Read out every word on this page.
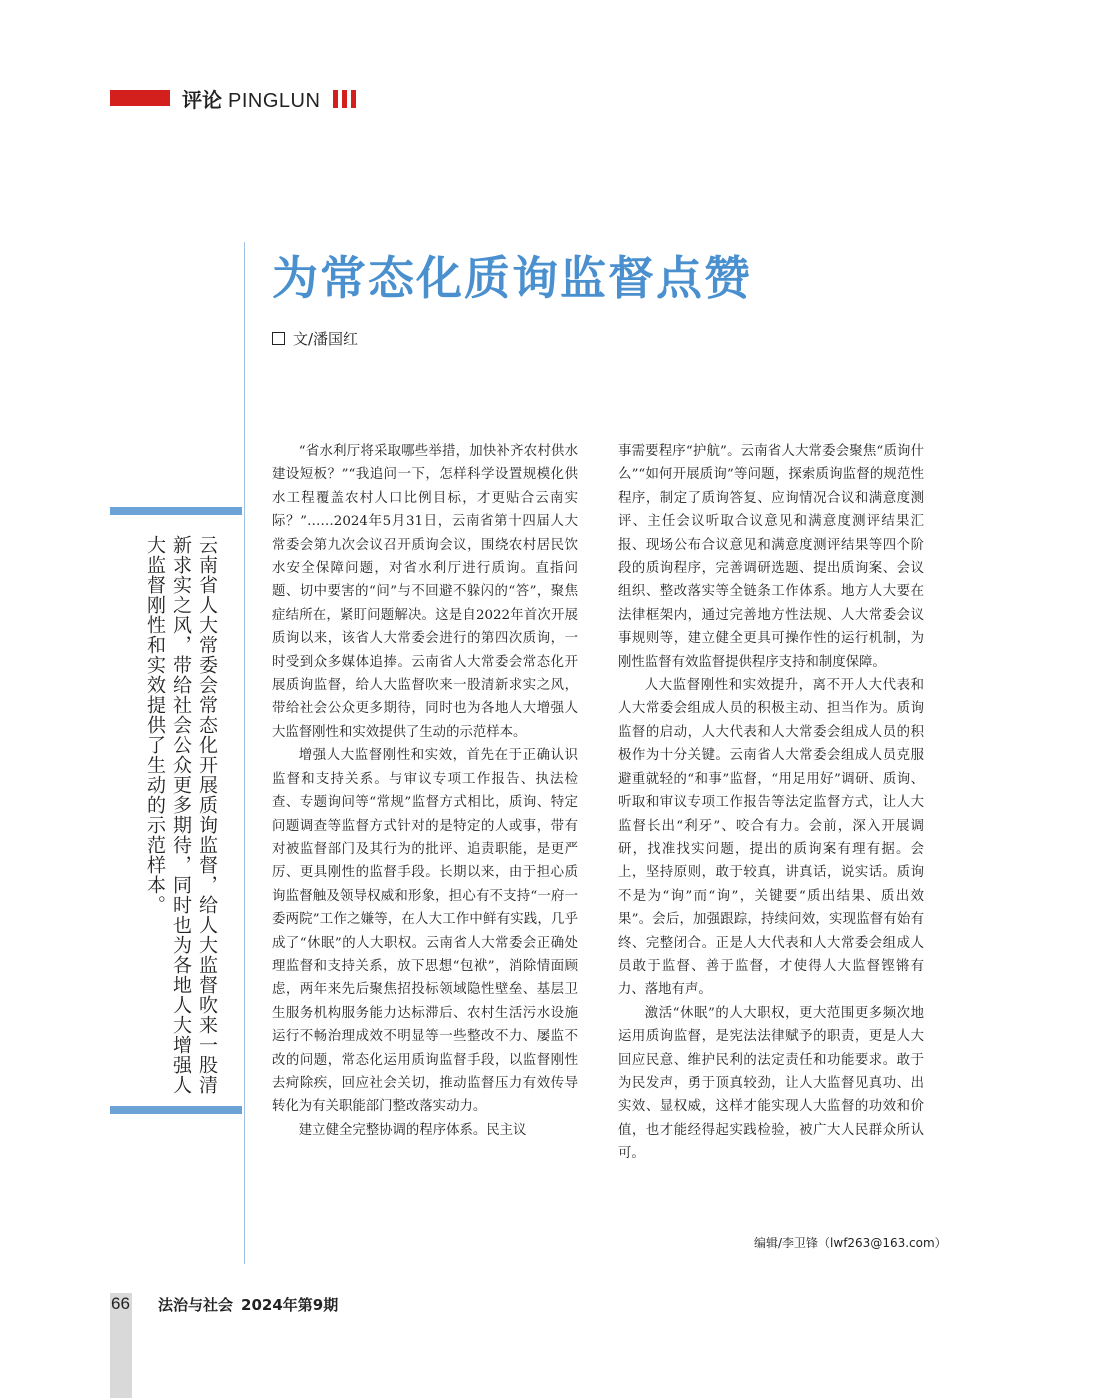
评论 PINGLUN
为常态化质询监督点赞
文/潘国红
云南省人大常委会常态化开展质询监督，给人大监督吹来一股清新求实之风，带给社会公众更多期待，同时也为各地人大增强人大监督刚性和实效提供了生动的示范样本。

“省水利厅将采取哪些举措，加快补齐农村供水建设短板？”“我追问一下，怎样科学设置规模化供水工程覆盖农村人口比例目标，才更贴合云南实际？”……2024年5月31日，云南省第十四届人大常委会第九次会议召开质询会议，围绕农村居民饮水安全保障问题，对省水利厅进行质询。直指问题、切中要害的“问”与不回避不躲闪的“答”，聚焦症结所在，紧盯问题解决。这是自2022年首次开展质询以来，该省人大常委会进行的第四次质询，一时受到众多媒体追捧。云南省人大常委会常态化开展质询监督，给人大监督吹来一股清新求实之风，带给社会公众更多期待，同时也为各地人大增强人大监督刚性和实效提供了生动的示范样本。

增强人大监督刚性和实效，首先在于正确认识监督和支持关系。与审议专项工作报告、执法检查、专题询问等“常规”监督方式相比，质询、特定问题调查等监督方式针对的是特定的人或事，带有对被监督部门及其行为的批评、追责职能，是更严厉、更具刚性的监督手段。长期以来，由于担心质询监督触及领导权威和形象，担心有不支持“一府一委两院”工作之嫌等，在人大工作中鲜有实践，几乎成了“休眠”的人大职权。云南省人大常委会正确处理监督和支持关系，放下思想“包袱”，消除情面顾虑，两年来先后聚焦招投标领域隐性壁垒、基层卫生服务机构服务能力达标滞后、农村生活污水设施运行不畅治理成效不明显等一些整改不力、屡监不改的问题，常态化运用质询监督手段，以监督刚性去疴除疾，回应社会关切，推动监督压力有效传导转化为有关职能部门整改落实动力。

建立健全完整协调的程序体系。民主议

事需要程序“护航”。云南省人大常委会聚焦“质询什么”“如何开展质询”等问题，探索质询监督的规范性程序，制定了质询答复、应询情况合议和满意度测评、主任会议听取合议意见和满意度测评结果汇报、现场公布合议意见和满意度测评结果等四个阶段的质询程序，完善调研选题、提出质询案、会议组织、整改落实等全链条工作体系。地方人大要在法律框架内，通过完善地方性法规、人大常委会议事规则等，建立健全更具可操作性的运行机制，为刚性监督有效监督提供程序支持和制度保障。

人大监督刚性和实效提升，离不开人大代表和人大常委会组成人员的积极主动、担当作为。质询监督的启动，人大代表和人大常委会组成人员的积极作为十分关键。云南省人大常委会组成人员克服避重就轻的“和事”监督，“用足用好”调研、质询、听取和审议专项工作报告等法定监督方式，让人大监督长出“利牙”、咬合有力。会前，深入开展调研，找准找实问题，提出的质询案有理有据。会上，坚持原则，敢于较真，讲真话，说实话。质询不是为“询”而“询”，关键要“质出结果、质出效果”。会后，加强跟踪，持续问效，实现监督有始有终、完整闭合。正是人大代表和人大常委会组成人员敢于监督、善于监督，才使得人大监督铿锵有力、落地有声。

激活“休眠”的人大职权，更大范围更多频次地运用质询监督，是宪法法律赋予的职责，更是人大回应民意、维护民利的法定责任和功能要求。敢于为民发声，勇于顶真较劲，让人大监督见真功、出实效、显权威，这样才能实现人大监督的功效和价值，也才能经得起实践检验，被广大人民群众所认可。

编辑/李卫锋（lwf263@163.com）
66 法治与社会 2024年第9期
